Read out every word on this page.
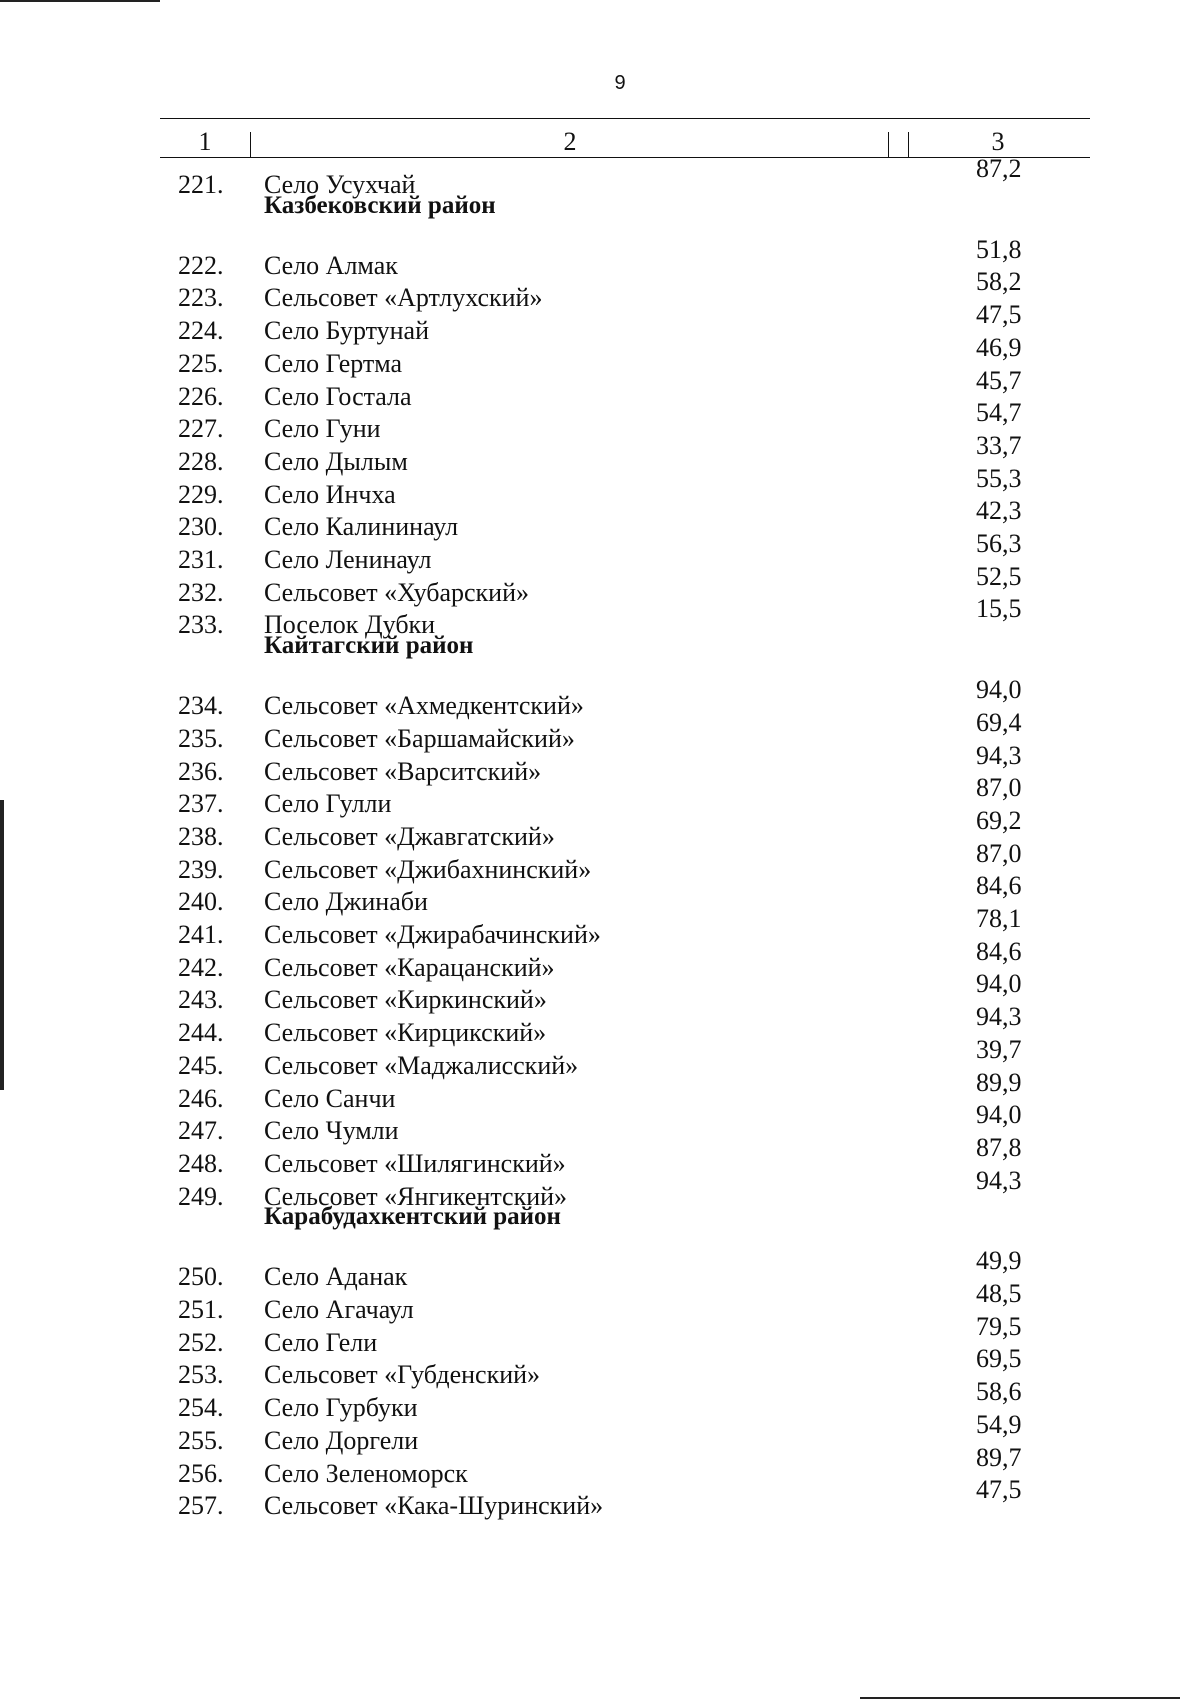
9
1	2	3
221. Село Усухчай
87,2
Казбековский район
222. Село Алмак
51,8
223. Сельсовет «Артлухский»
58,2
224. Село Буртунай
47,5
225. Село Гертма
46,9
226. Село Гостала
45,7
227. Село Гуни
54,7
228. Село Дылым
33,7
229. Село Инчха
55,3
230. Село Калининаул
42,3
231. Село Ленинаул
56,3
232. Сельсовет «Хубарский»
52,5
233. Поселок Дубки
15,5
Кайтагский район
234. Сельсовет «Ахмедкентский»
94,0
235. Сельсовет «Баршамайский»
69,4
236. Сельсовет «Варситский»
94,3
237. Село Гулли
87,0
238. Сельсовет «Джавгатский»
69,2
239. Сельсовет «Джибахнинский»
87,0
240. Село Джинаби
84,6
241. Сельсовет «Джирабачинский»
78,1
242. Сельсовет «Карацанский»
84,6
243. Сельсовет «Киркинский»
94,0
244. Сельсовет «Кирцикский»
94,3
245. Сельсовет «Маджалисский»
39,7
246. Село Санчи
89,9
247. Село Чумли
94,0
248. Сельсовет «Шилягинский»
87,8
249. Сельсовет «Янгикентский»
94,3
Карабудахкентский район
250. Село Аданак
49,9
251. Село Агачаул
48,5
252. Село Гели
79,5
253. Сельсовет «Губденский»
69,5
254. Село Гурбуки
58,6
255. Село Доргели
54,9
256. Село Зеленоморск
89,7
257. Сельсовет «Кака-Шуринский»
47,5
